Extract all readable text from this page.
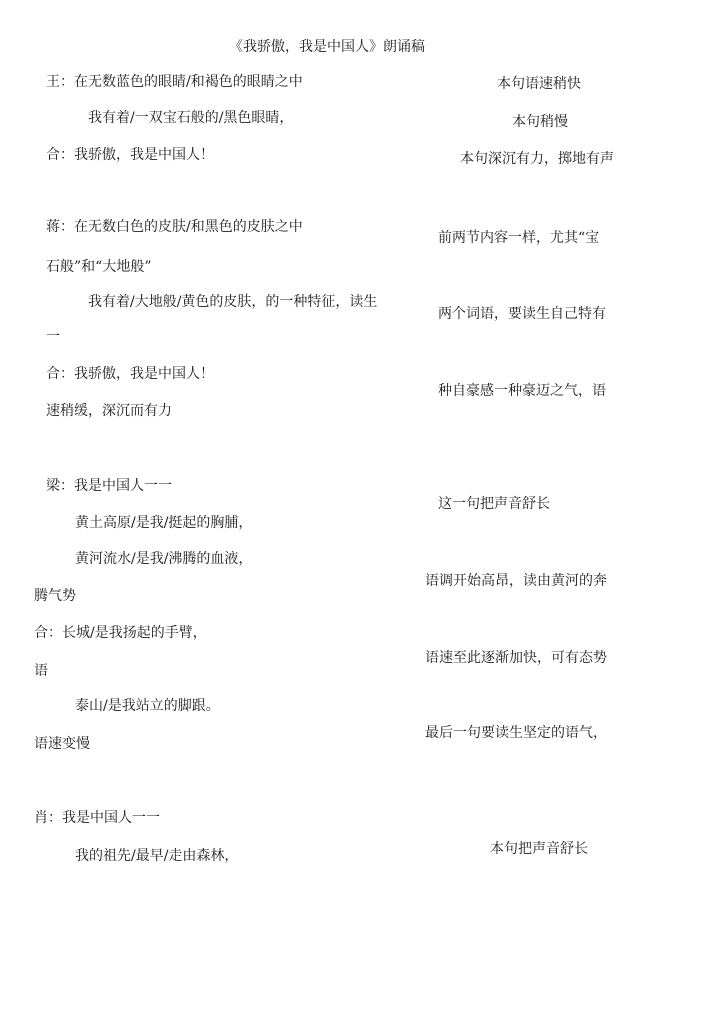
《我骄傲，我是中国人》朗诵稿
王：在无数蓝色的眼睛/和褐色的眼睛之中
我有着/一双宝石般的/黑色眼睛，
合：我骄傲，我是中国人！
蒋：在无数白色的皮肤/和黑色的皮肤之中
石般”和“大地般”
我有着/大地般/黄色的皮肤，的一种特征，读生
一
合：我骄傲，我是中国人！
速稍缓，深沉而有力
梁：我是中国人一一
黄土高原/是我/挺起的胸脯，
黄河流水/是我/沸腾的血液，
腾气势
合：长城/是我扬起的手臂，
语
泰山/是我站立的脚跟。
语速变慢
肖：我是中国人一一
我的祖先/最早/走由森林，
本句语速稍快
本句稍慢
本句深沉有力，掷地有声
前两节内容一样，尤其“宝
两个词语，要读生自己特有
种自豪感一种豪迈之气，语
这一句把声音舒长
语调开始高昂，读由黄河的奔
语速至此逐渐加快，可有态势
最后一句要读生坚定的语气，
本句把声音舒长
